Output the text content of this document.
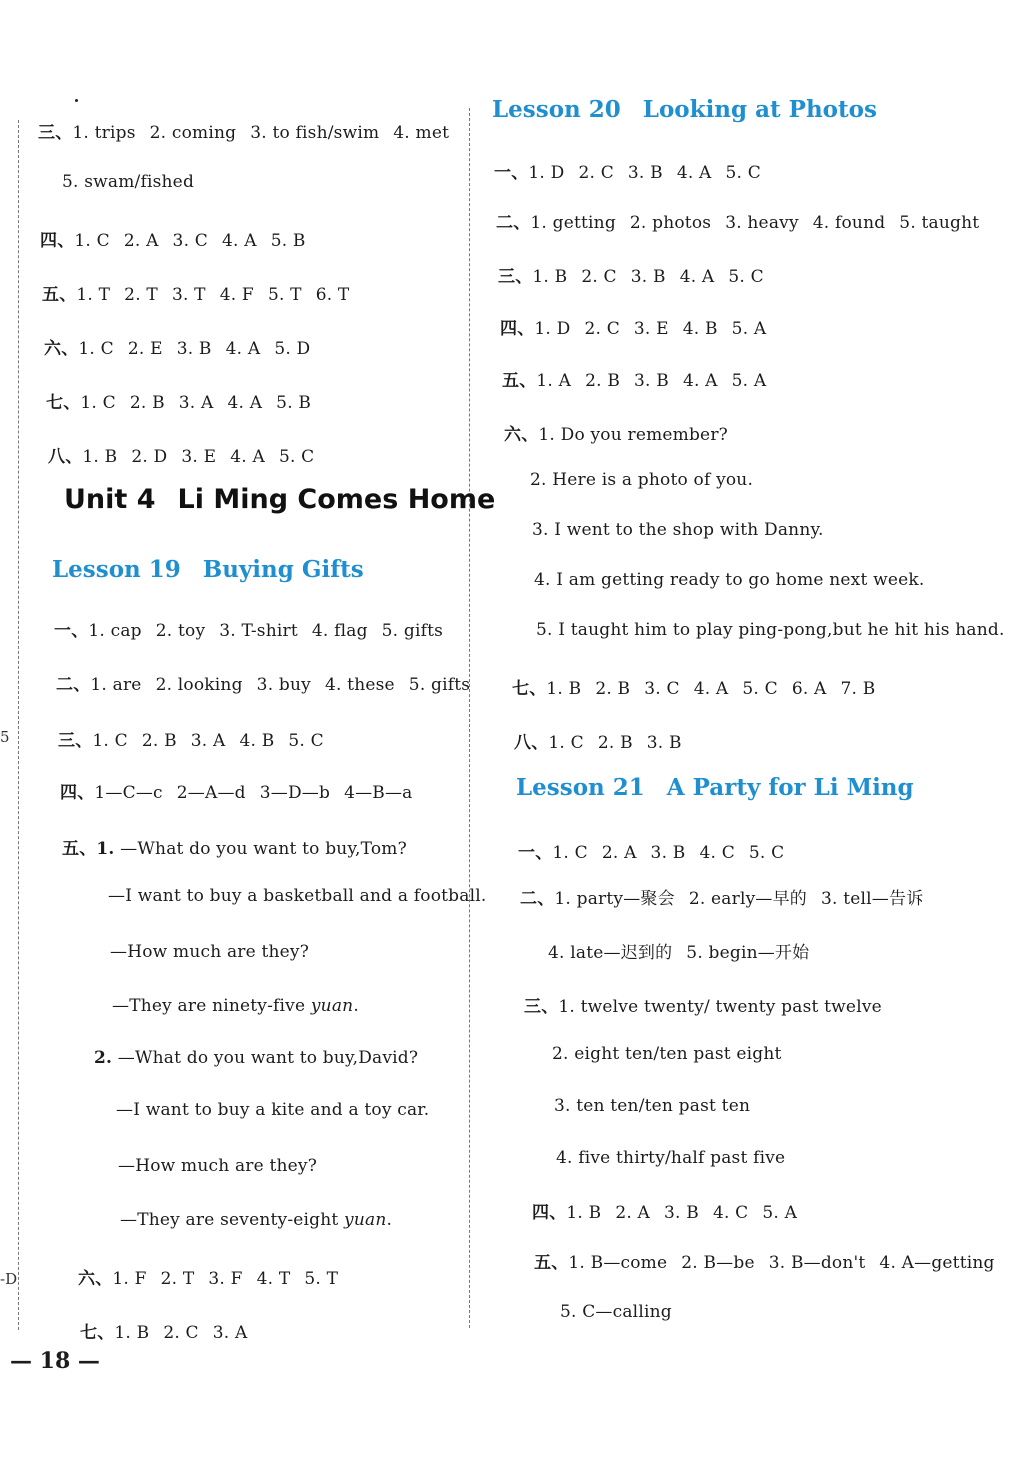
5
-D
三、1. trips 2. coming 3. to fish/swim 4. met
5. swam/fished
四、1. C 2. A 3. C 4. A 5. B
五、1. T 2. T 3. T 4. F 5. T 6. T
六、1. C 2. E 3. B 4. A 5. D
七、1. C 2. B 3. A 4. A 5. B
八、1. B 2. D 3. E 4. A 5. C
Unit 4 Li Ming Comes Home
Lesson 19 Buying Gifts
一、1. cap 2. toy 3. T-shirt 4. flag 5. gifts
二、1. are 2. looking 3. buy 4. these 5. gifts
三、1. C 2. B 3. A 4. B 5. C
四、1—C—c 2—A—d 3—D—b 4—B—a
五、1. —What do you want to buy,Tom?
—I want to buy a basketball and a football.
—How much are they?
—They are ninety-five yuan.
2. —What do you want to buy,David?
—I want to buy a kite and a toy car.
—How much are they?
—They are seventy-eight yuan.
六、1. F 2. T 3. F 4. T 5. T
七、1. B 2. C 3. A
— 18 —
Lesson 20 Looking at Photos
一、1. D 2. C 3. B 4. A 5. C
二、1. getting 2. photos 3. heavy 4. found 5. taught
三、1. B 2. C 3. B 4. A 5. C
四、1. D 2. C 3. E 4. B 5. A
五、1. A 2. B 3. B 4. A 5. A
六、1. Do you remember?
2. Here is a photo of you.
3. I went to the shop with Danny.
4. I am getting ready to go home next week.
5. I taught him to play ping-pong,but he hit his hand.
七、1. B 2. B 3. C 4. A 5. C 6. A 7. B
八、1. C 2. B 3. B
Lesson 21 A Party for Li Ming
一、1. C 2. A 3. B 4. C 5. C
二、1. party—聚会 2. early—早的 3. tell—告诉
4. late—迟到的 5. begin—开始
三、1. twelve twenty/ twenty past twelve
2. eight ten/ten past eight
3. ten ten/ten past ten
4. five thirty/half past five
四、1. B 2. A 3. B 4. C 5. A
五、1. B—come 2. B—be 3. B—don't 4. A—getting
5. C—calling
